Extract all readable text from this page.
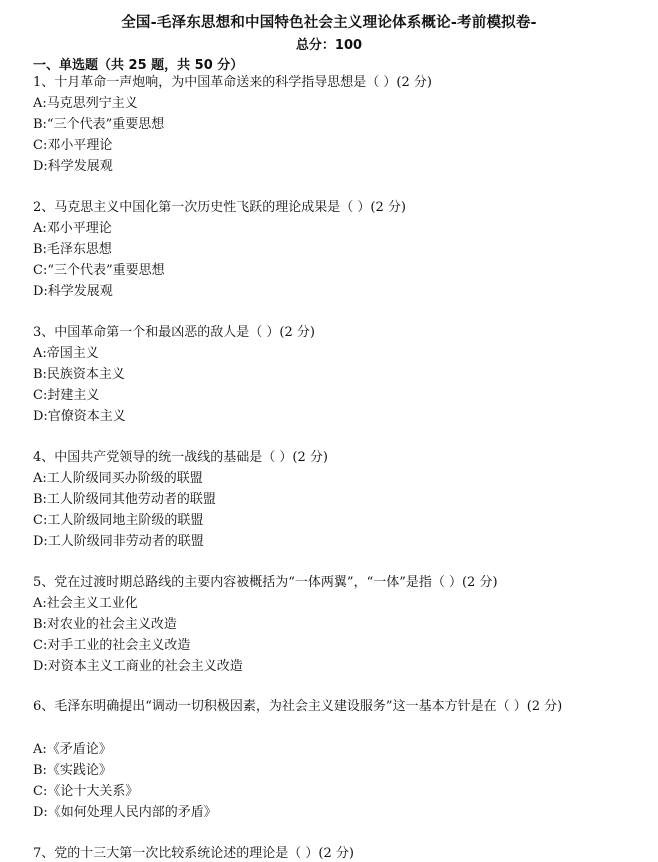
全国-毛泽东思想和中国特色社会主义理论体系概论-考前模拟卷-
总分：100
一、单选题（共 25 题，共 50 分）
1、十月革命一声炮响，为中国革命送来的科学指导思想是（ ）(2 分)
A:马克思列宁主义
B:“三个代表”重要思想
C:邓小平理论
D:科学发展观
2、马克思主义中国化第一次历史性飞跃的理论成果是（ ）(2 分)
A:邓小平理论
B:毛泽东思想
C:“三个代表”重要思想
D:科学发展观
3、中国革命第一个和最凶恶的敌人是（ ）(2 分)
A:帝国主义
B:民族资本主义
C:封建主义
D:官僚资本主义
4、中国共产党领导的统一战线的基础是（ ）(2 分)
A:工人阶级同买办阶级的联盟
B:工人阶级同其他劳动者的联盟
C:工人阶级同地主阶级的联盟
D:工人阶级同非劳动者的联盟
5、党在过渡时期总路线的主要内容被概括为“一体两翼”，“一体”是指（ ）(2 分)
A:社会主义工业化
B:对农业的社会主义改造
C:对手工业的社会主义改造
D:对资本主义工商业的社会主义改造
6、毛泽东明确提出“调动一切积极因素，为社会主义建设服务”这一基本方针是在（ ）(2 分)
A:《矛盾论》
B:《实践论》
C:《论十大关系》
D:《如何处理人民内部的矛盾》
7、党的十三大第一次比较系统论述的理论是（ ）(2 分)
